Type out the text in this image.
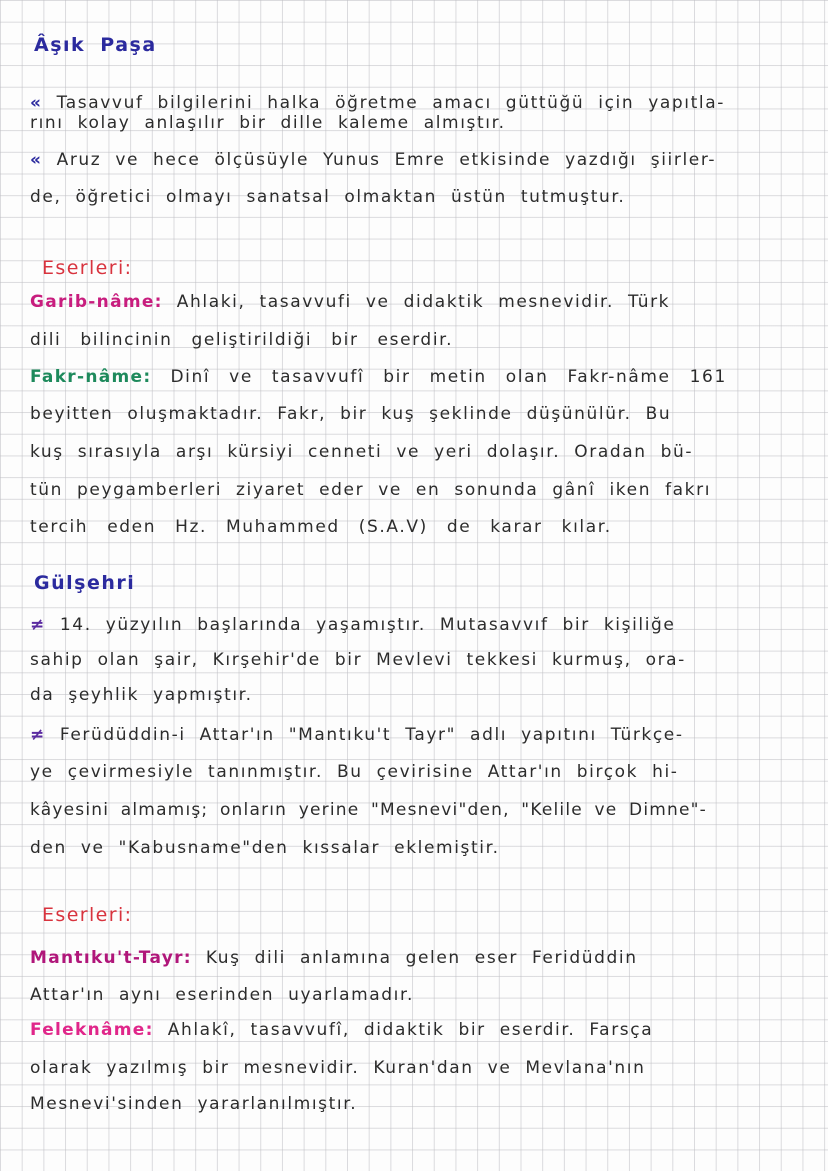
Âşık Paşa
« Tasavvuf bilgilerini halka öğretme amacı güttüğü için yapıtla-
rını kolay anlaşılır bir dille kaleme almıştır.
« Aruz ve hece ölçüsüyle Yunus Emre etkisinde yazdığı şiirler-
de, öğretici olmayı sanatsal olmaktan üstün tutmuştur.
Eserleri:
Garib-nâme: Ahlaki, tasavvufi ve didaktik mesnevidir. Türk
dili bilincinin geliştirildiği bir eserdir.
Fakr-nâme: Dinî ve tasavvufî bir metin olan Fakr-nâme 161
beyitten oluşmaktadır. Fakr, bir kuş şeklinde düşünülür. Bu
kuş sırasıyla arşı kürsiyi cenneti ve yeri dolaşır. Oradan bü-
tün peygamberleri ziyaret eder ve en sonunda gânî iken fakrı
tercih eden Hz. Muhammed (S.A.V) de karar kılar.
Gülşehri
≠ 14. yüzyılın başlarında yaşamıştır. Mutasavvıf bir kişiliğe
sahip olan şair, Kırşehir'de bir Mevlevi tekkesi kurmuş, ora-
da şeyhlik yapmıştır.
≠ Ferüdüddin-i Attar'ın "Mantıku't Tayr" adlı yapıtını Türkçe-
ye çevirmesiyle tanınmıştır. Bu çevirisine Attar'ın birçok hi-
kâyesini almamış; onların yerine "Mesnevi"den, "Kelile ve Dimne"-
den ve "Kabusname"den kıssalar eklemiştir.
Eserleri:
Mantıku't-Tayr: Kuş dili anlamına gelen eser Feridüddin
Attar'ın aynı eserinden uyarlamadır.
Feleknâme: Ahlakî, tasavvufî, didaktik bir eserdir. Farsça
olarak yazılmış bir mesnevidir. Kuran'dan ve Mevlana'nın
Mesnevi'sinden yararlanılmıştır.
